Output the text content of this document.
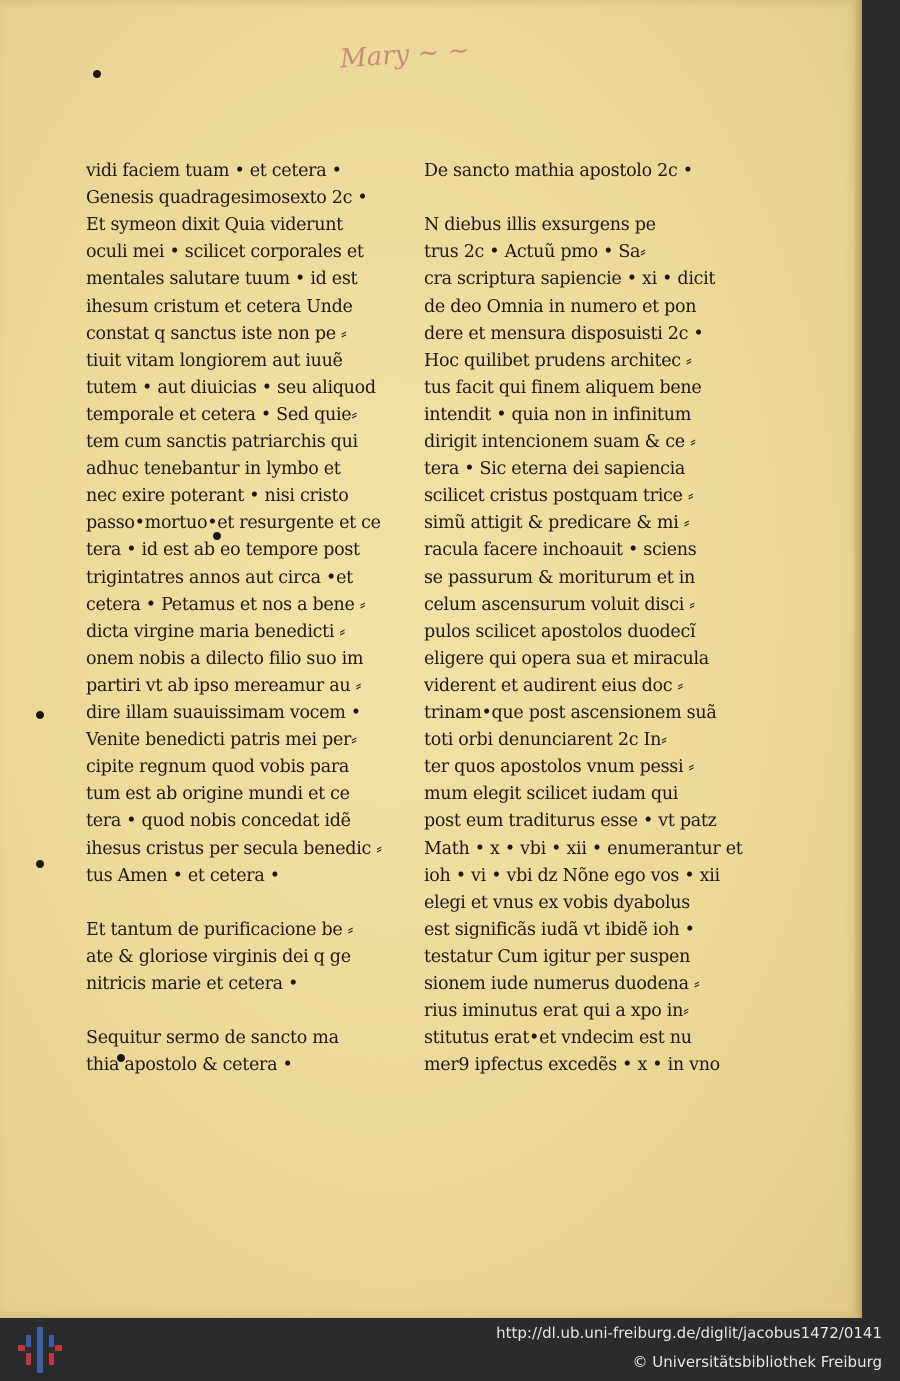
Mary ~ ~
vidi faciem tuam • et cetera •
Genesis quadragesimosexto 2c •
Et symeon dixit Quia viderunt
oculi mei • scilicet corporales et
mentales salutare tuum • id est
ihesum cristum et cetera Unde
constat q sanctus iste non pe ⸗
tiuit vitam longiorem aut iuuẽ
tutem • aut diuicias • seu aliquod
temporale et cetera • Sed quie⸗
tem cum sanctis patriarchis qui
adhuc tenebantur in lymbo et
nec exire poterant • nisi cristo
passo•mortuo•et resurgente et ce
tera • id est ab eo tempore post
trigintatres annos aut circa •et
cetera • Petamus et nos a bene ⸗
dicta virgine maria benedicti ⸗
onem nobis a dilecto filio suo im
partiri vt ab ipso mereamur au ⸗
dire illam suauissimam vocem •
Venite benedicti patris mei per⸗
cipite regnum quod vobis para
tum est ab origine mundi et ce
tera • quod nobis concedat idẽ
ihesus cristus per secula benedic ⸗
tus Amen • et cetera •
Et tantum de purificacione be ⸗
ate & gloriose virginis dei q ge
nitricis marie et cetera •
Sequitur sermo de sancto ma
thia apostolo & cetera •
De sancto mathia apostolo 2c •
N diebus illis exsurgens pe
trus 2c • Actuũ pmo • Sa⸗
cra scriptura sapiencie • xi • dicit
de deo Omnia in numero et pon
dere et mensura disposuisti 2c •
Hoc quilibet prudens architec ⸗
tus facit qui finem aliquem bene
intendit • quia non in infinitum
dirigit intencionem suam & ce ⸗
tera • Sic eterna dei sapiencia
scilicet cristus postquam trice ⸗
simũ attigit & predicare & mi ⸗
racula facere inchoauit • sciens
se passurum & moriturum et in
celum ascensurum voluit disci ⸗
pulos scilicet apostolos duodecĩ
eligere qui opera sua et miracula
viderent et audirent eius doc ⸗
trinam•que post ascensionem suã
toti orbi denunciarent 2c In⸗
ter quos apostolos vnum pessi ⸗
mum elegit scilicet iudam qui
post eum traditurus esse • vt patz
Math • x • vbi • xii • enumerantur et
ioh • vi • vbi dz Nõne ego vos • xii
elegi et vnus ex vobis dyabolus
est significãs iudã vt ibidẽ ioh •
testatur Cum igitur per suspen
sionem iude numerus duodena ⸗
rius iminutus erat qui a xpo in⸗
stitutus erat•et vndecim est nu
mer9 ipfectus excedẽs • x • in vno
http://dl.ub.uni-freiburg.de/diglit/jacobus1472/0141
© Universitätsbibliothek Freiburg
